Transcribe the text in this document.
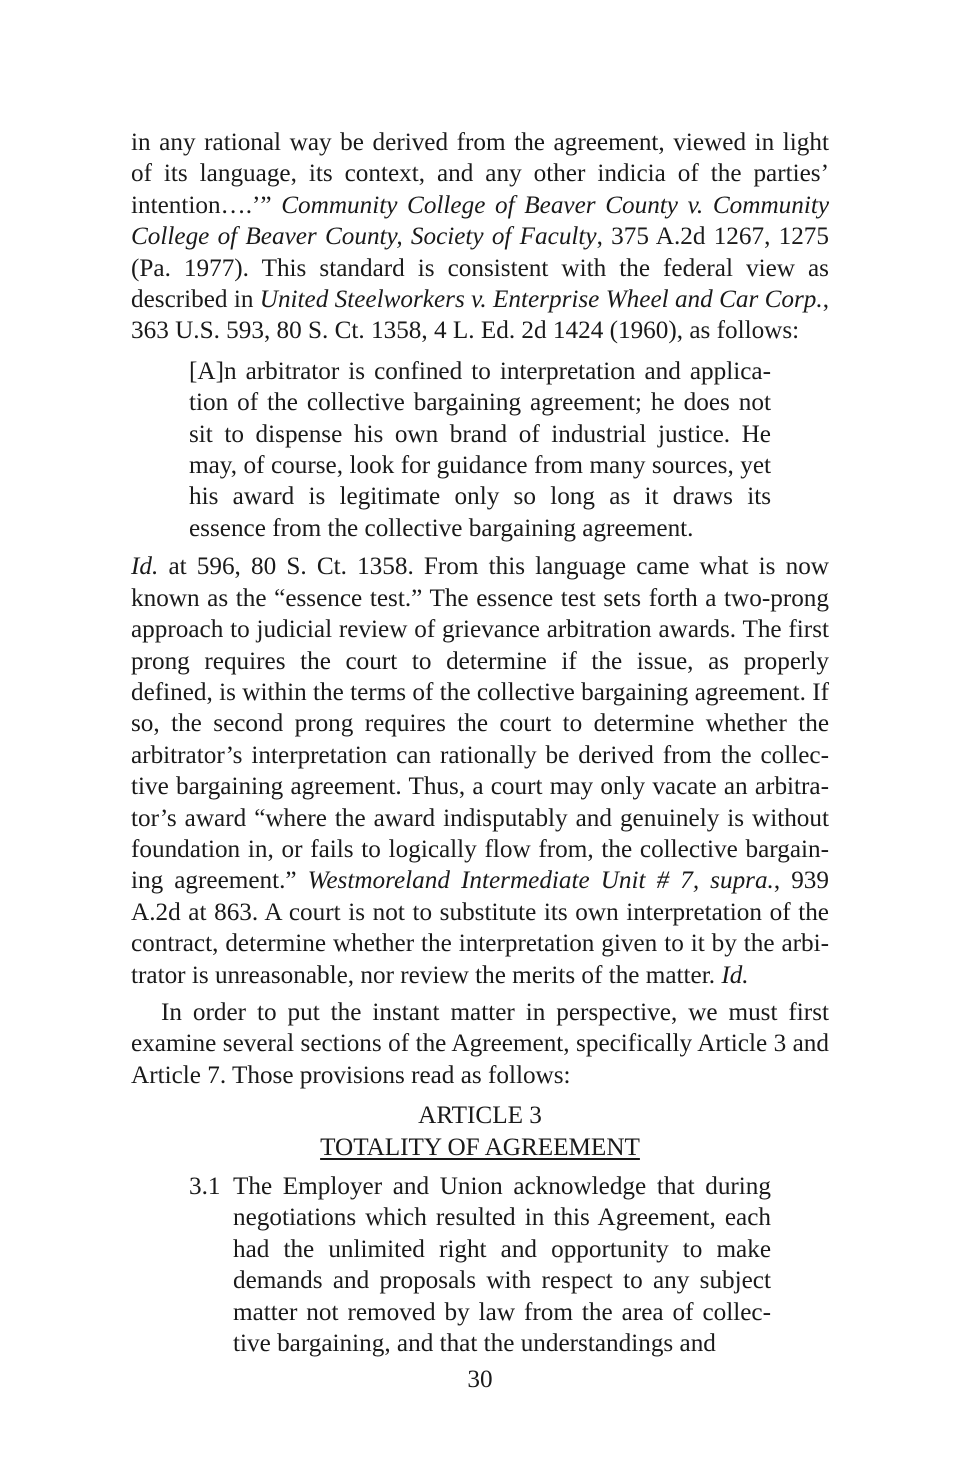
in any rational way be derived from the agreement, viewed in light of its language, its context, and any other indicia of the parties’ intention….’” Community College of Beaver County v. Community College of Beaver County, Society of Faculty, 375 A.2d 1267, 1275 (Pa. 1977). This standard is consistent with the federal view as described in United Steelworkers v. Enterprise Wheel and Car Corp., 363 U.S. 593, 80 S. Ct. 1358, 4 L. Ed. 2d 1424 (1960), as follows:

[A]n arbitrator is confined to interpretation and application of the collective bargaining agreement; he does not sit to dispense his own brand of industrial justice. He may, of course, look for guidance from many sources, yet his award is legitimate only so long as it draws its essence from the collective bargaining agreement.

Id. at 596, 80 S. Ct. 1358. From this language came what is now known as the “essence test.” The essence test sets forth a two-prong approach to judicial review of grievance arbitration awards. The first prong requires the court to determine if the issue, as properly defined, is within the terms of the collective bargaining agreement. If so, the second prong requires the court to determine whether the arbitrator’s interpretation can rationally be derived from the collective bargaining agreement. Thus, a court may only vacate an arbitrator’s award “where the award indisputably and genuinely is without foundation in, or fails to logically flow from, the collective bargaining agreement.” Westmoreland Intermediate Unit # 7, supra., 939 A.2d at 863. A court is not to substitute its own interpretation of the contract, determine whether the interpretation given to it by the arbitrator is unreasonable, nor review the merits of the matter. Id.

In order to put the instant matter in perspective, we must first examine several sections of the Agreement, specifically Article 3 and Article 7. Those provisions read as follows:

ARTICLE 3

TOTALITY OF AGREEMENT

3.1 The Employer and Union acknowledge that during negotiations which resulted in this Agreement, each had the unlimited right and opportunity to make demands and proposals with respect to any subject matter not removed by law from the area of collective bargaining, and that the understandings and
30
